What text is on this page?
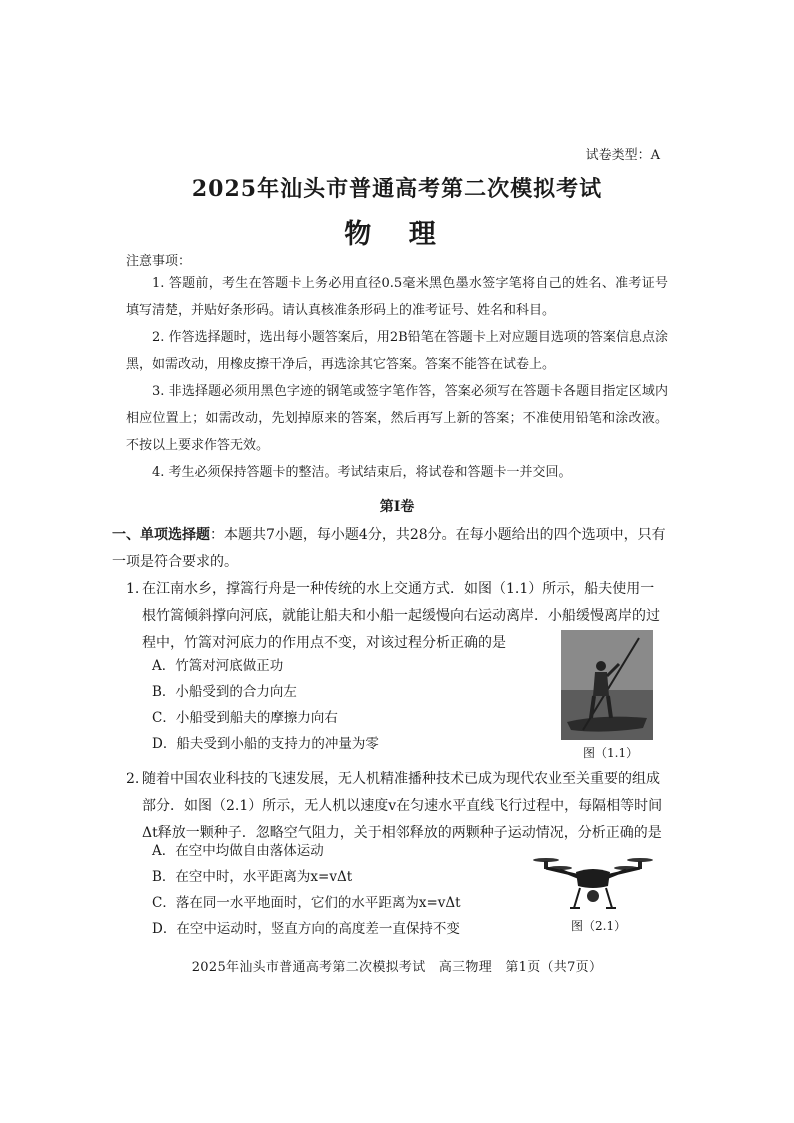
试卷类型：A
2025年汕头市普通高考第二次模拟考试
物 理
注意事项：

1. 答题前，考生在答题卡上务必用直径0.5毫米黑色墨水签字笔将自己的姓名、准考证号填写清楚，并贴好条形码。请认真核准条形码上的准考证号、姓名和科目。

2. 作答选择题时，选出每小题答案后，用2B铅笔在答题卡上对应题目选项的答案信息点涂黑，如需改动，用橡皮擦干净后，再选涂其它答案。答案不能答在试卷上。

3. 非选择题必须用黑色字迹的钢笔或签字笔作答，答案必须写在答题卡各题目指定区域内相应位置上；如需改动，先划掉原来的答案，然后再写上新的答案；不准使用铅笔和涂改液。不按以上要求作答无效。

4. 考生必须保持答题卡的整洁。考试结束后，将试卷和答题卡一并交回。

第Ⅰ卷

一、单项选择题：本题共7小题，每小题4分，共28分。在每小题给出的四个选项中，只有一项是符合要求的。

1. 在江南水乡，撑篙行舟是一种传统的水上交通方式．如图（1.1）所示，船夫使用一根竹篙倾斜撑向河底，就能让船夫和小船一起缓慢向右运动离岸．小船缓慢离岸的过程中，竹篙对河底力的作用点不变，对该过程分析正确的是
A．竹篙对河底做正功
B．小船受到的合力向左
C．小船受到船夫的摩擦力向右
D．船夫受到小船的支持力的冲量为零
图（1.1）
2. 随着中国农业科技的飞速发展，无人机精准播种技术已成为现代农业至关重要的组成部分．如图（2.1）所示，无人机以速度v在匀速水平直线飞行过程中，每隔相等时间Δt释放一颗种子．忽略空气阻力，关于相邻释放的两颗种子运动情况，分析正确的是
A．在空中均做自由落体运动
B．在空中时，水平距离为x=vΔt
C．落在同一水平地面时，它们的水平距离为x=vΔt
D．在空中运动时，竖直方向的高度差一直保持不变	图（2.1）
2025年汕头市普通高考第二次模拟考试　高三物理　第1页（共7页）
